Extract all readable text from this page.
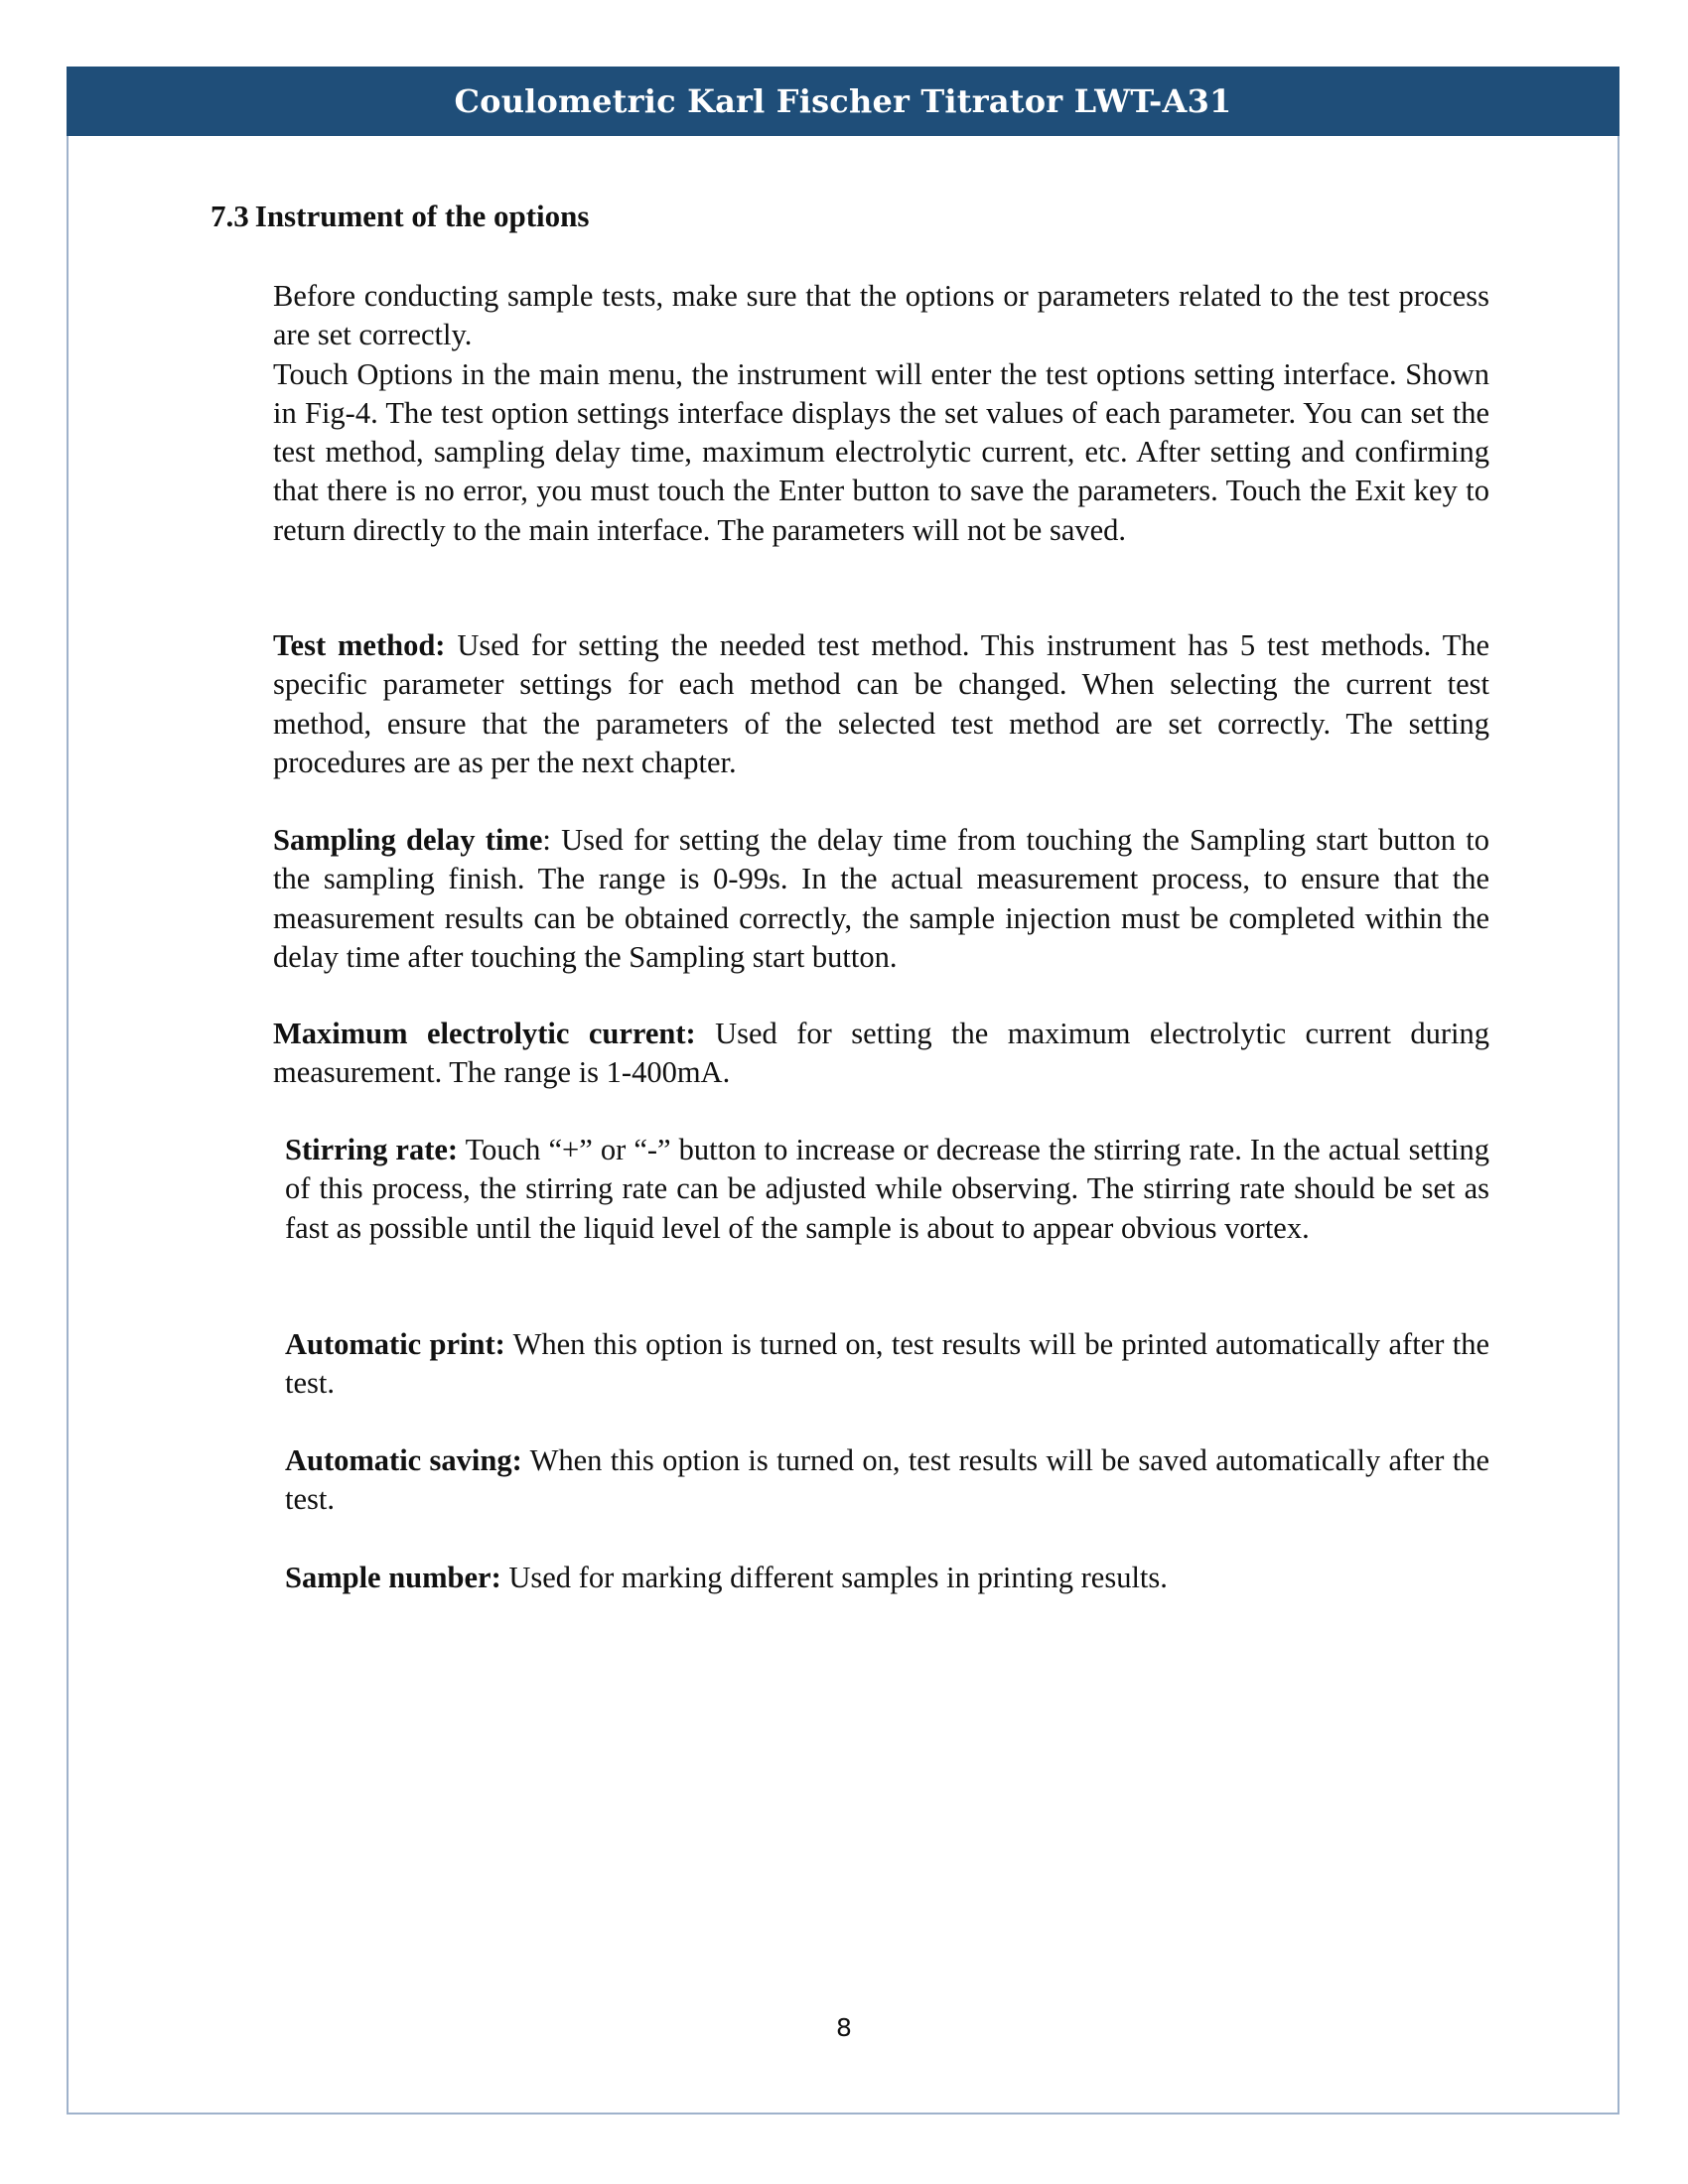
Coulometric Karl Fischer Titrator LWT-A31
7.3 Instrument of the options

Before conducting sample tests, make sure that the options or parameters related to the test process are set correctly.
Touch Options in the main menu, the instrument will enter the test options setting interface. Shown in Fig-4. The test option settings interface displays the set values of each parameter. You can set the test method, sampling delay time, maximum electrolytic current, etc. After setting and confirming that there is no error, you must touch the Enter button to save the parameters. Touch the Exit key to return directly to the main interface. The parameters will not be saved.

Test method: Used for setting the needed test method. This instrument has 5 test methods. The specific parameter settings for each method can be changed. When selecting the current test method, ensure that the parameters of the selected test method are set correctly. The setting procedures are as per the next chapter.

Sampling delay time: Used for setting the delay time from touching the Sampling start button to the sampling finish. The range is 0-99s. In the actual measurement process, to ensure that the measurement results can be obtained correctly, the sample injection must be completed within the delay time after touching the Sampling start button.

Maximum electrolytic current: Used for setting the maximum electrolytic current during measurement. The range is 1-400mA.

Stirring rate: Touch “+” or “-” button to increase or decrease the stirring rate. In the actual setting of this process, the stirring rate can be adjusted while observing. The stirring rate should be set as fast as possible until the liquid level of the sample is about to appear obvious vortex.

Automatic print: When this option is turned on, test results will be printed automatically after the test.

Automatic saving: When this option is turned on, test results will be saved automatically after the test.

Sample number: Used for marking different samples in printing results.

8
